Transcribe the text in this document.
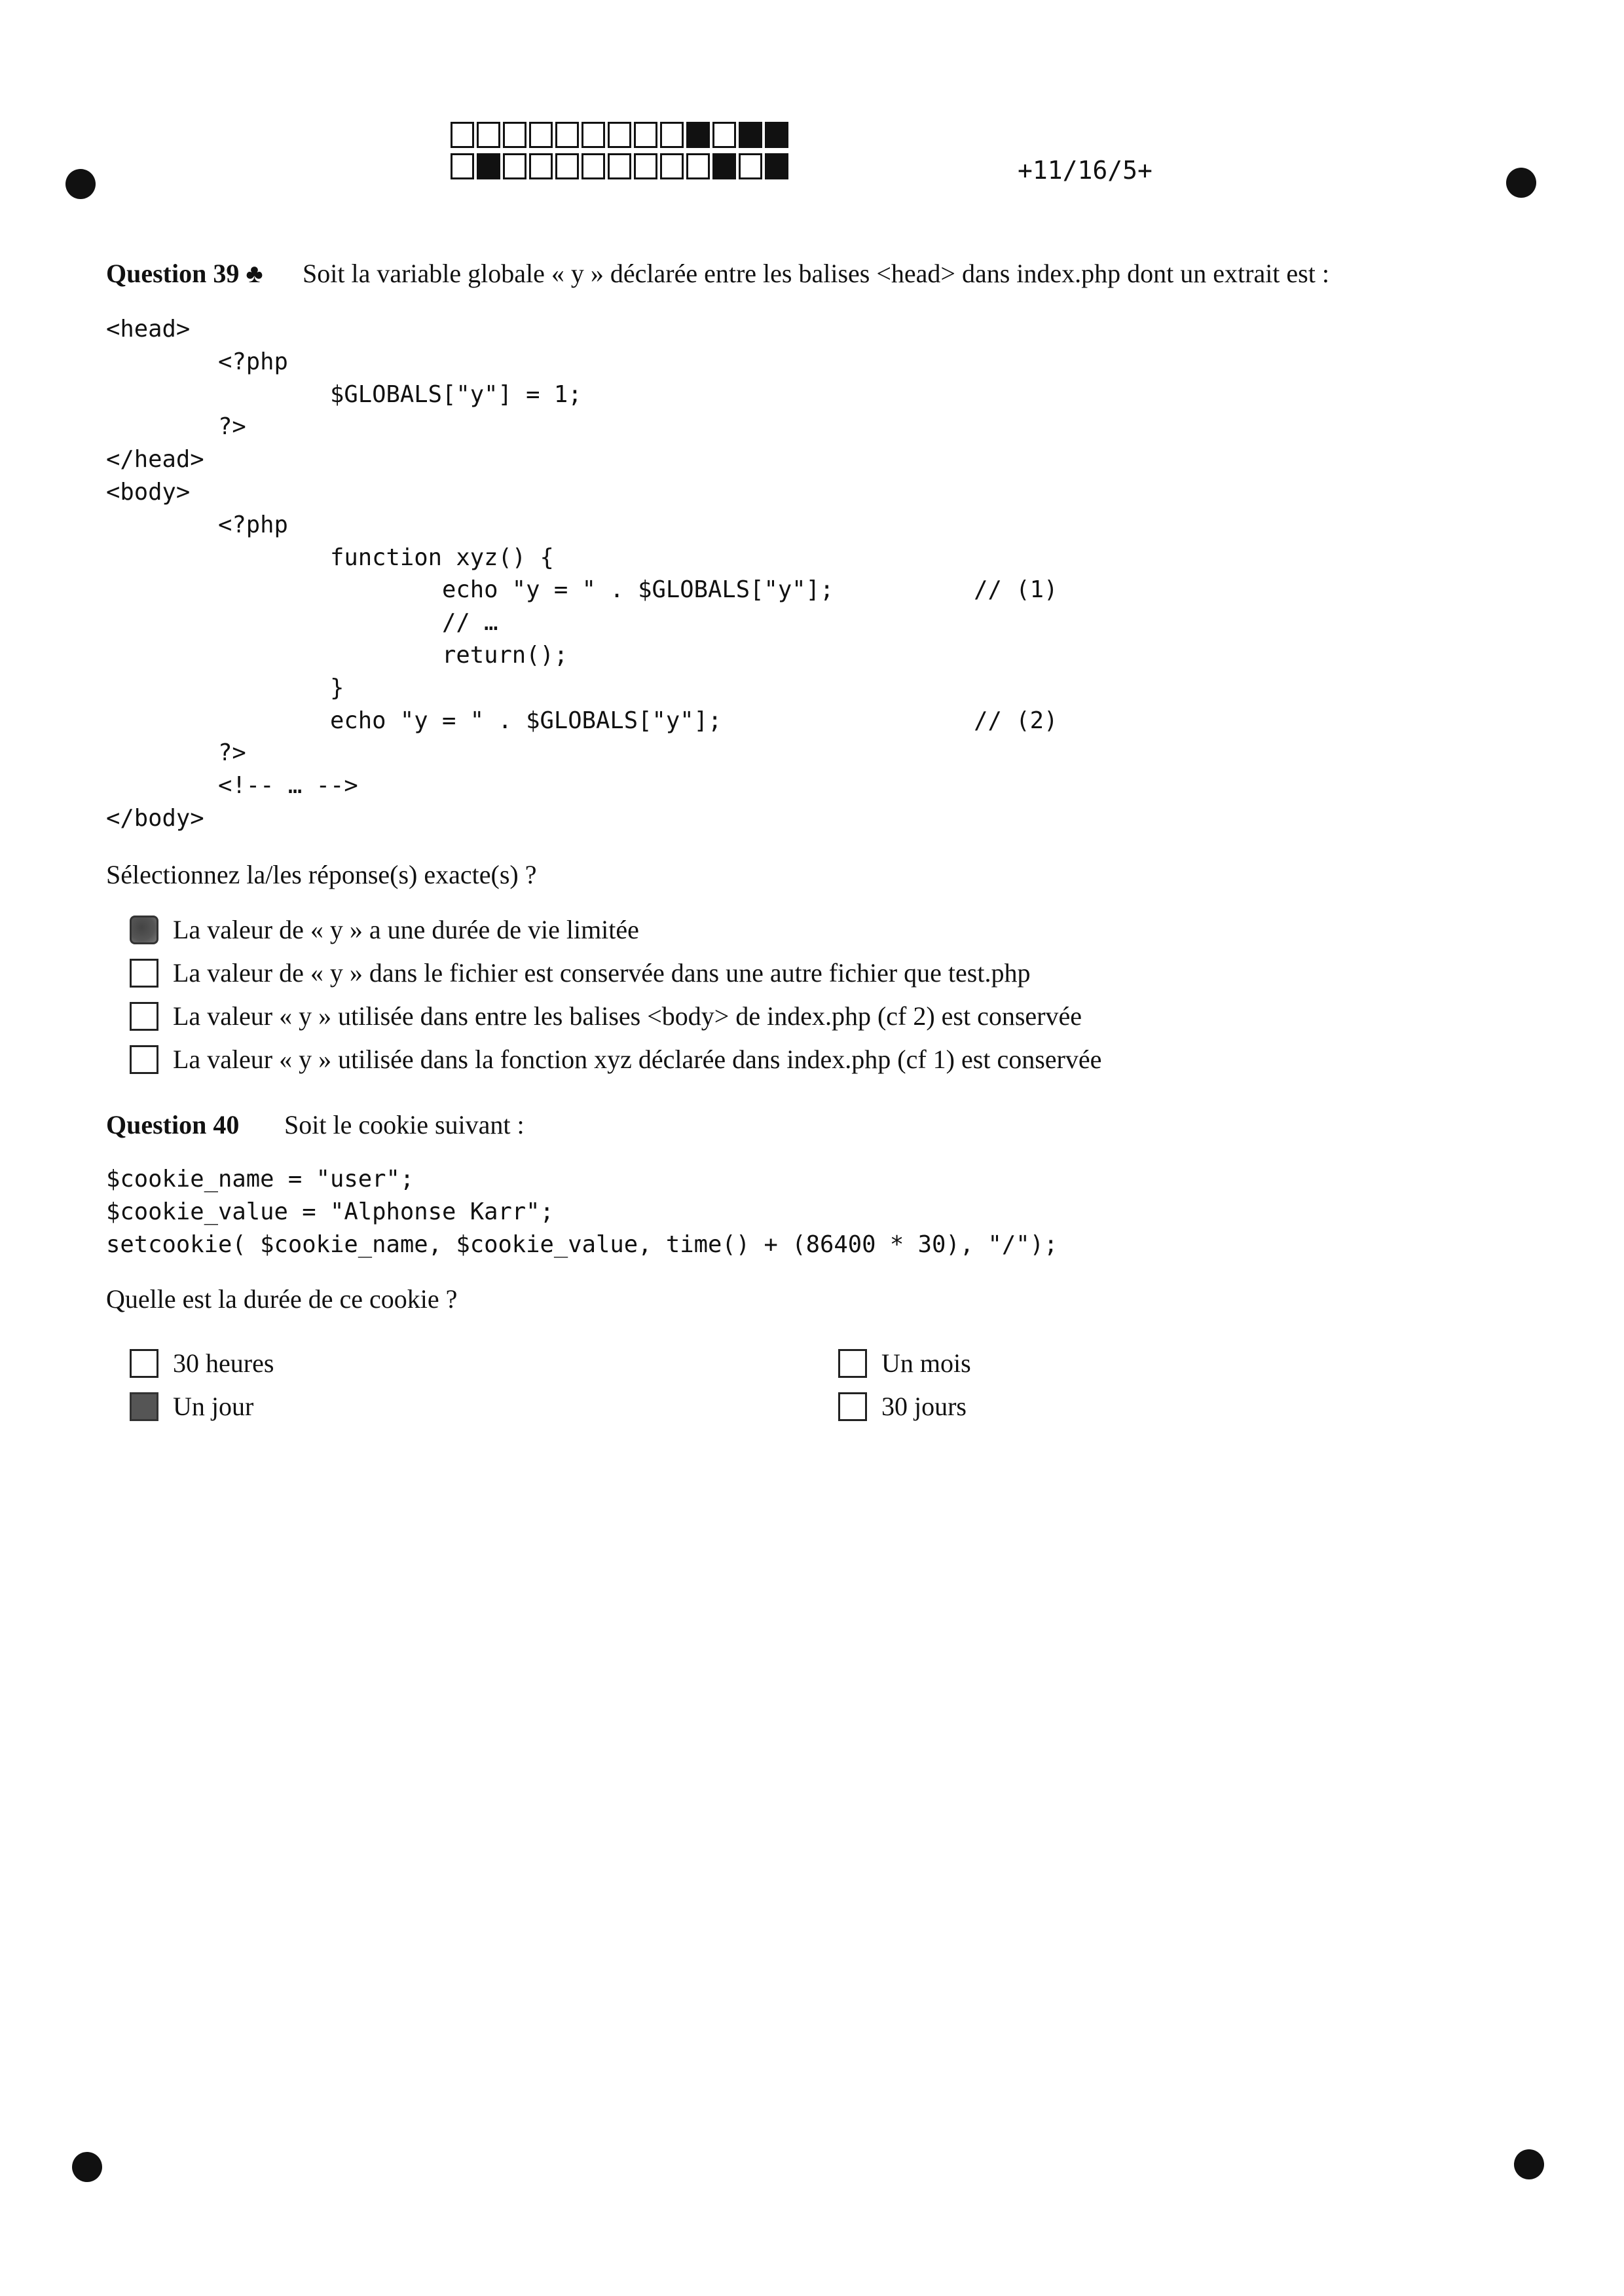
+11/16/5+
Question 39 ♣ Soit la variable globale « y » déclarée entre les balises <head> dans index.php dont un extrait est :
<head>
<?php
$GLOBALS["y"] = 1;
?>
</head>
<body>
<?php
function xyz() {
echo "y = " . $GLOBALS["y"];          // (1)
// …
return();
}
echo "y = " . $GLOBALS["y"];                  // (2)
?>
<!-- … -->
</body>
Sélectionnez la/les réponse(s) exacte(s) ?
La valeur de « y » a une durée de vie limitée
La valeur de « y » dans le fichier est conservée dans une autre fichier que test.php
La valeur « y » utilisée dans entre les balises <body> de index.php (cf 2) est conservée
La valeur « y » utilisée dans la fonction xyz déclarée dans index.php (cf 1) est conservée
Question 40 Soit le cookie suivant :
$cookie_name = "user";
$cookie_value = "Alphonse Karr";
setcookie( $cookie_name, $cookie_value, time() + (86400 * 30), "/");
Quelle est la durée de ce cookie ?
30 heures
Un jour
Un mois
30 jours
